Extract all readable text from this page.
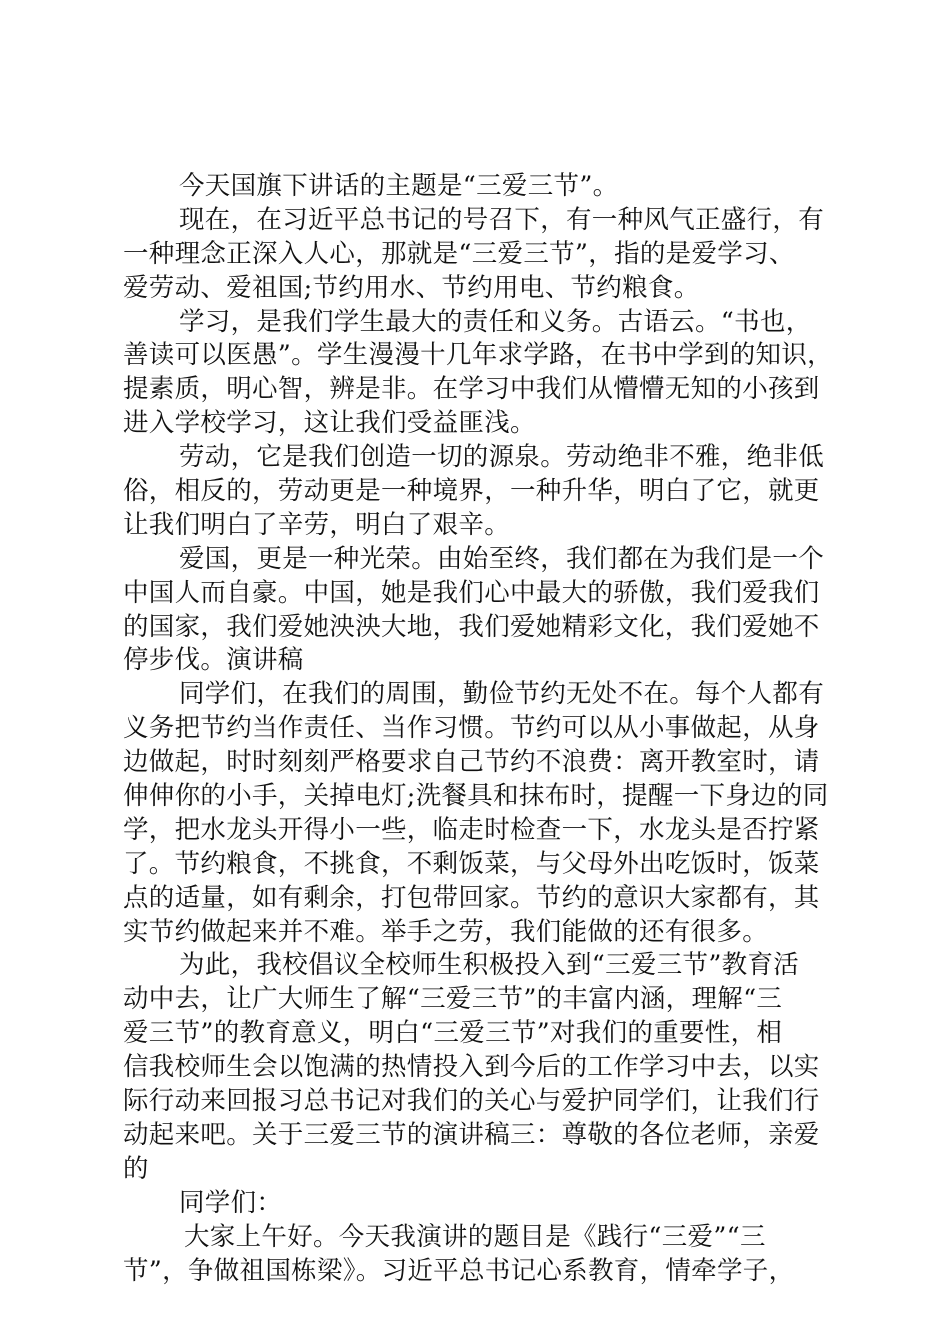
今天国旗下讲话的主题是“三爱三节”。
现在，在习近平总书记的号召下，有一种风气正盛行，有
一种理念正深入人心，那就是“三爱三节”，指的是爱学习、
爱劳动、爱祖国;节约用水、节约用电、节约粮食。
学习，是我们学生最大的责任和义务。古语云。“书也，
善读可以医愚”。学生漫漫十几年求学路，在书中学到的知识，
提素质，明心智，辨是非。在学习中我们从懵懵无知的小孩到
进入学校学习，这让我们受益匪浅。
劳动，它是我们创造一切的源泉。劳动绝非不雅，绝非低
俗，相反的，劳动更是一种境界，一种升华，明白了它，就更
让我们明白了辛劳，明白了艰辛。
爱国，更是一种光荣。由始至终，我们都在为我们是一个
中国人而自豪。中国，她是我们心中最大的骄傲，我们爱我们
的国家，我们爱她泱泱大地，我们爱她精彩文化，我们爱她不
停步伐。演讲稿
同学们，在我们的周围，勤俭节约无处不在。每个人都有
义务把节约当作责任、当作习惯。节约可以从小事做起，从身
边做起，时时刻刻严格要求自己节约不浪费：离开教室时，请
伸伸你的小手，关掉电灯;洗餐具和抹布时，提醒一下身边的同
学，把水龙头开得小一些，临走时检查一下，水龙头是否拧紧
了。节约粮食，不挑食，不剩饭菜，与父母外出吃饭时，饭菜
点的适量，如有剩余，打包带回家。节约的意识大家都有，其
实节约做起来并不难。举手之劳，我们能做的还有很多。
为此，我校倡议全校师生积极投入到“三爱三节”教育活
动中去，让广大师生了解“三爱三节”的丰富内涵，理解“三
爱三节”的教育意义，明白“三爱三节”对我们的重要性，相
信我校师生会以饱满的热情投入到今后的工作学习中去，以实
际行动来回报习总书记对我们的关心与爱护同学们，让我们行
动起来吧。关于三爱三节的演讲稿三：尊敬的各位老师，亲爱
的
同学们：
大家上午好。今天我演讲的题目是《践行“三爱”“三
节”，争做祖国栋梁》。习近平总书记心系教育，情牵学子，
